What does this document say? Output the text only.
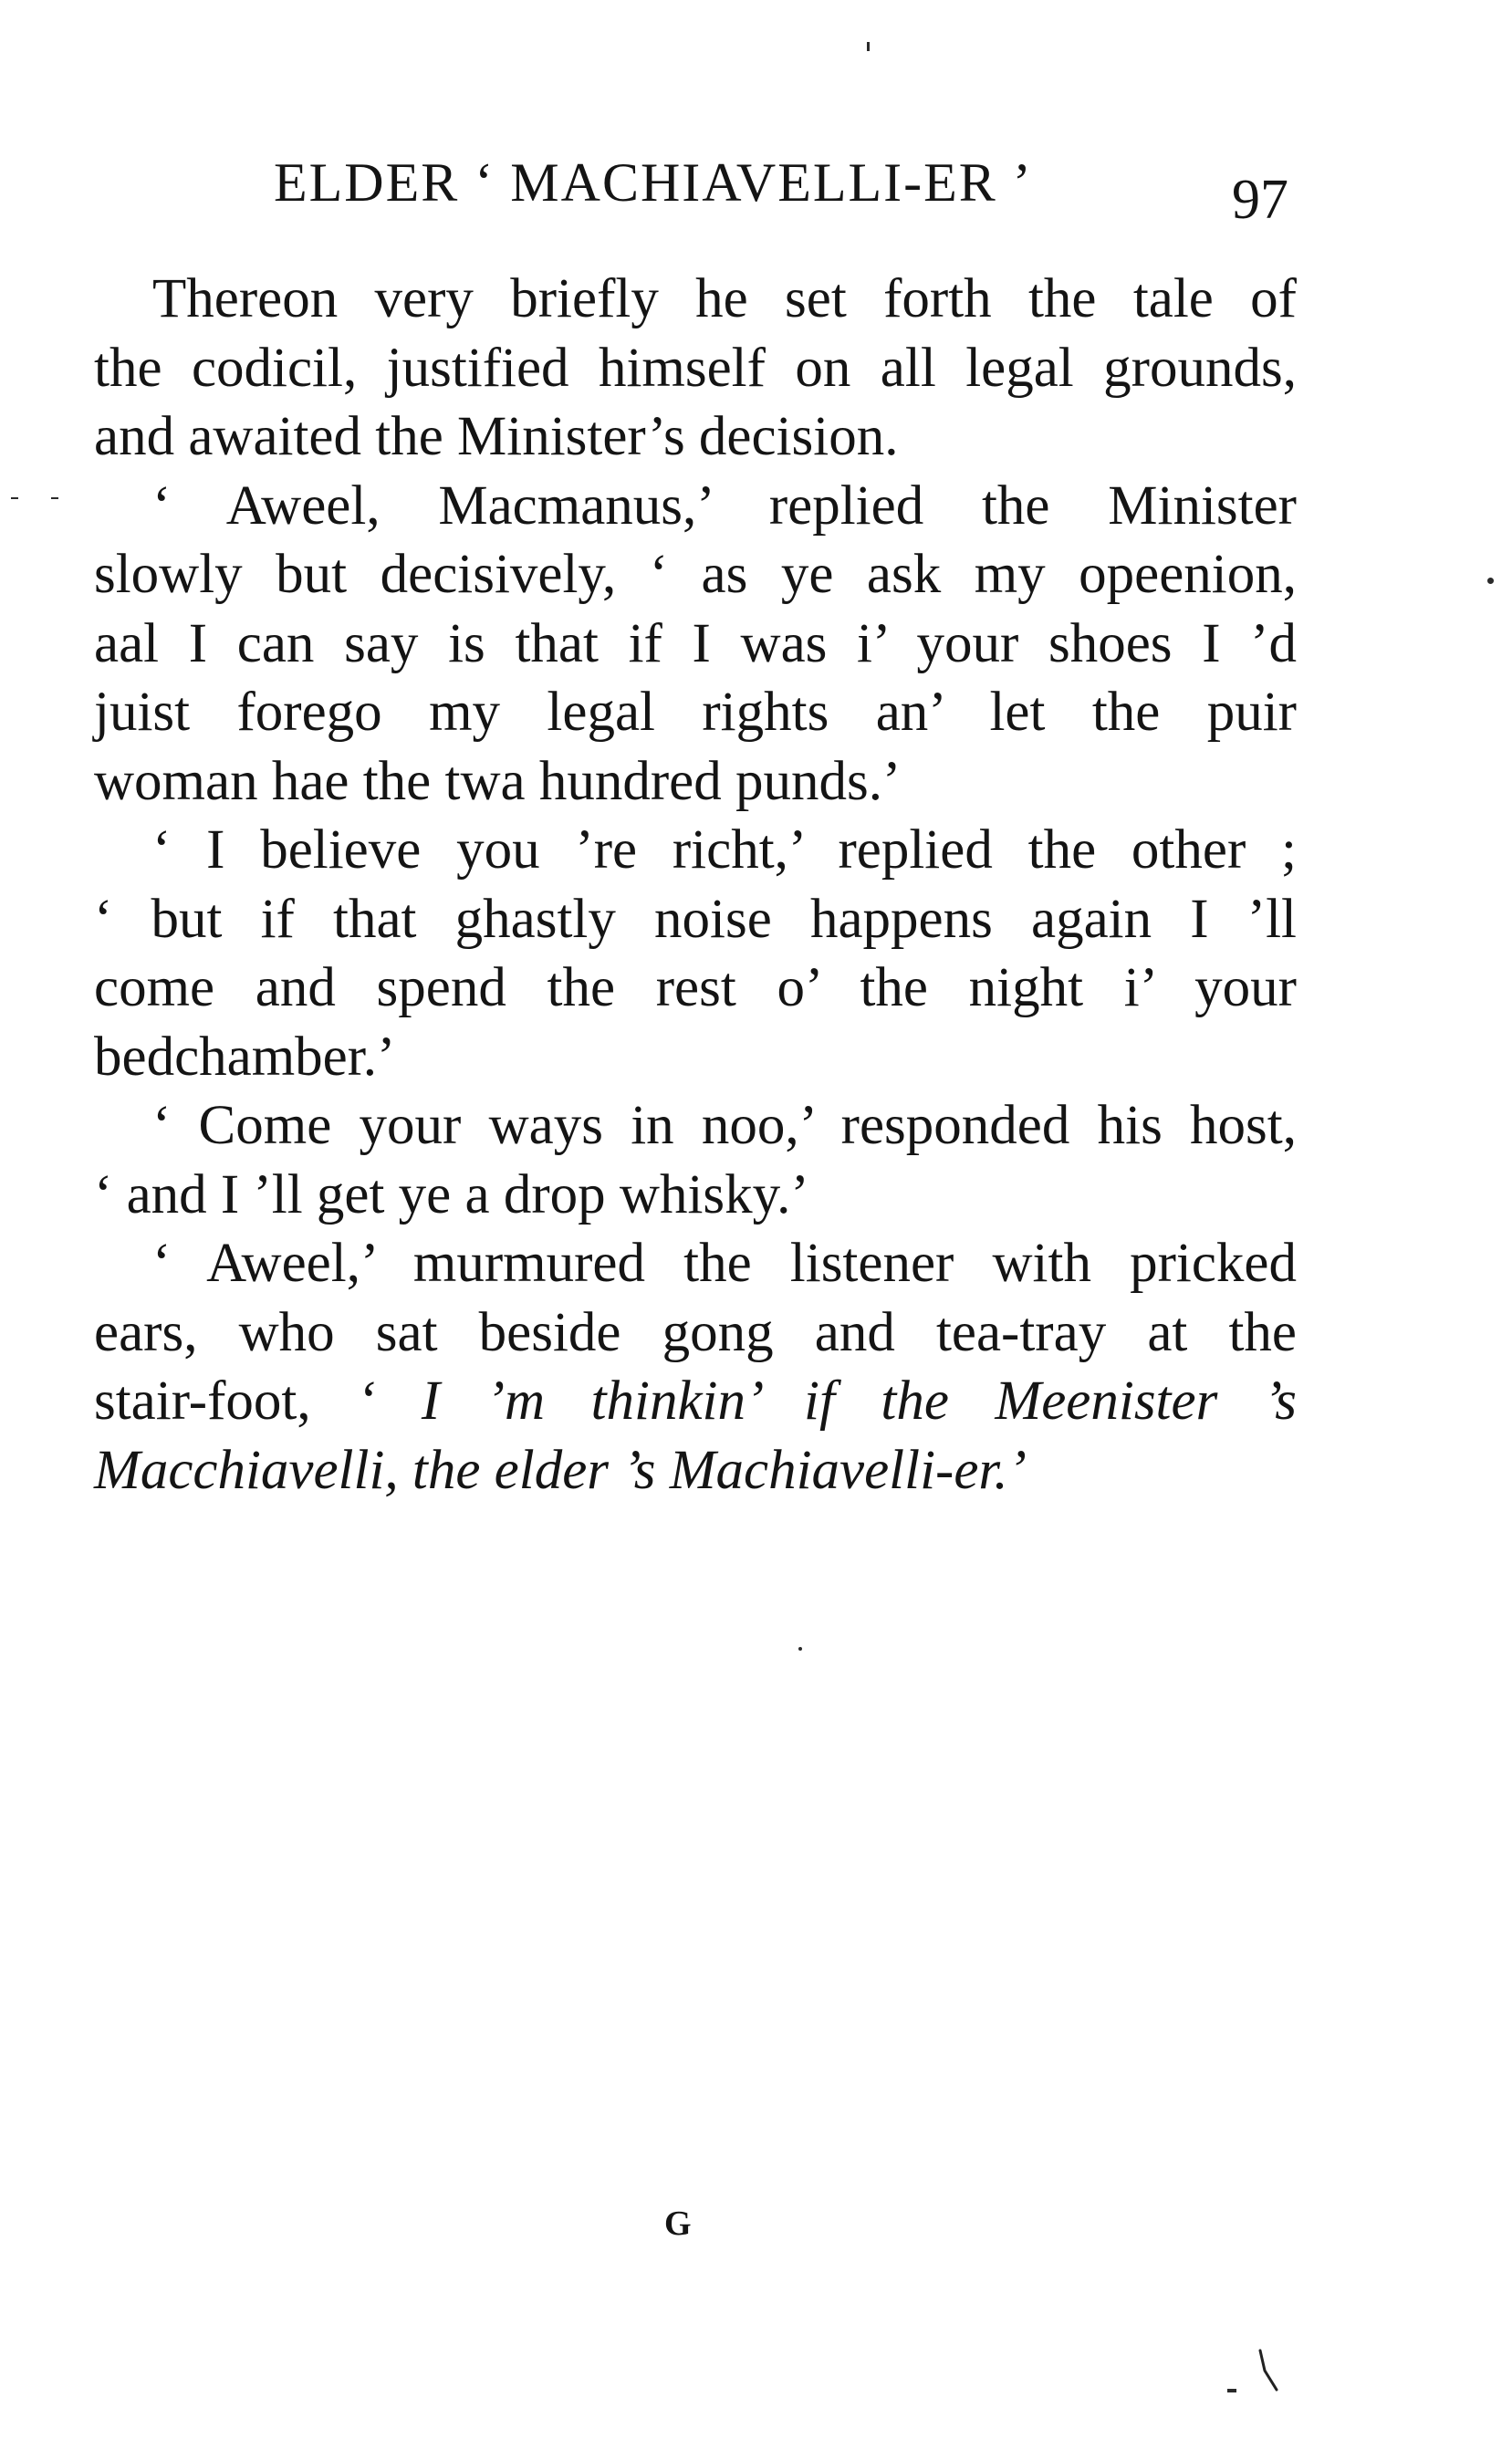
ELDER ‘ MACHIAVELLI-ER ’	97
Thereon very briefly he set forth the tale of
the codicil, justified himself on all legal grounds,
and awaited the Minister’s decision.
‘ Aweel, Macmanus,’ replied the Minister
slowly but decisively, ‘ as ye ask my opeenion,
aal I can say is that if I was i’ your shoes I ’d
juist forego my legal rights an’ let the puir
woman hae the twa hundred punds.’
‘ I believe you ’re richt,’ replied the other ;
‘ but if that ghastly noise happens again I ’ll
come and spend the rest o’ the night i’ your
bedchamber.’
‘ Come your ways in noo,’ responded his host,
‘ and I ’ll get ye a drop whisky.’
‘ Aweel,’ murmured the listener with pricked
ears, who sat beside gong and tea-tray at the
stair-foot, ‘ I ’m thinkin’ if the Meenister ’s
Macchiavelli, the elder ’s Machiavelli-er.’
G
